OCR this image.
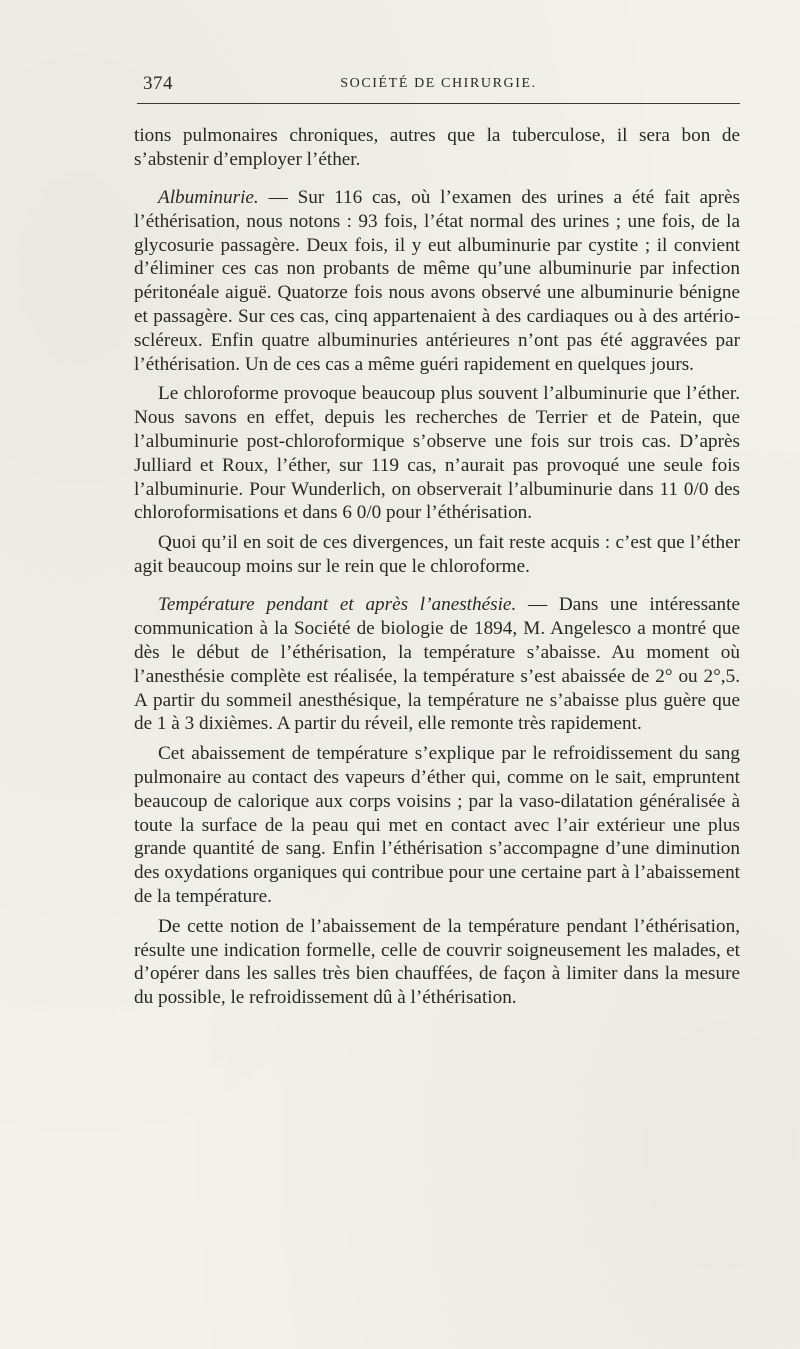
374	SOCIÉTÉ DE CHIRURGIE.

tions pulmonaires chroniques, autres que la tuberculose, il sera bon de s’abstenir d’employer l’éther.

Albuminurie. — Sur 116 cas, où l’examen des urines a été fait après l’éthérisation, nous notons : 93 fois, l’état normal des urines ; une fois, de la glycosurie passagère. Deux fois, il y eut albuminurie par cystite ; il convient d’éliminer ces cas non probants de même qu’une albuminurie par infection péritonéale aiguë. Quatorze fois nous avons observé une albuminurie bénigne et passagère. Sur ces cas, cinq appartenaient à des cardiaques ou à des artério-scléreux. Enfin quatre albuminuries antérieures n’ont pas été aggravées par l’éthérisation. Un de ces cas a même guéri rapidement en quelques jours.

Le chloroforme provoque beaucoup plus souvent l’albuminurie que l’éther. Nous savons en effet, depuis les recherches de Terrier et de Patein, que l’albuminurie post-chloroformique s’observe une fois sur trois cas. D’après Julliard et Roux, l’éther, sur 119 cas, n’aurait pas provoqué une seule fois l’albuminurie. Pour Wunderlich, on observerait l’albuminurie dans 11 0/0 des chloroformisations et dans 6 0/0 pour l’éthérisation.

Quoi qu’il en soit de ces divergences, un fait reste acquis : c’est que l’éther agit beaucoup moins sur le rein que le chloroforme.

Température pendant et après l’anesthésie. — Dans une intéressante communication à la Société de biologie de 1894, M. Angelesco a montré que dès le début de l’éthérisation, la température s’abaisse. Au moment où l’anesthésie complète est réalisée, la température s’est abaissée de 2° ou 2°,5. A partir du sommeil anesthésique, la température ne s’abaisse plus guère que de 1 à 3 dixièmes. A partir du réveil, elle remonte très rapidement.

Cet abaissement de température s’explique par le refroidissement du sang pulmonaire au contact des vapeurs d’éther qui, comme on le sait, empruntent beaucoup de calorique aux corps voisins ; par la vaso-dilatation généralisée à toute la surface de la peau qui met en contact avec l’air extérieur une plus grande quantité de sang. Enfin l’éthérisation s’accompagne d’une diminution des oxydations organiques qui contribue pour une certaine part à l’abaissement de la température.

De cette notion de l’abaissement de la température pendant l’éthérisation, résulte une indication formelle, celle de couvrir soigneusement les malades, et d’opérer dans les salles très bien chauffées, de façon à limiter dans la mesure du possible, le refroidissement dû à l’éthérisation.
